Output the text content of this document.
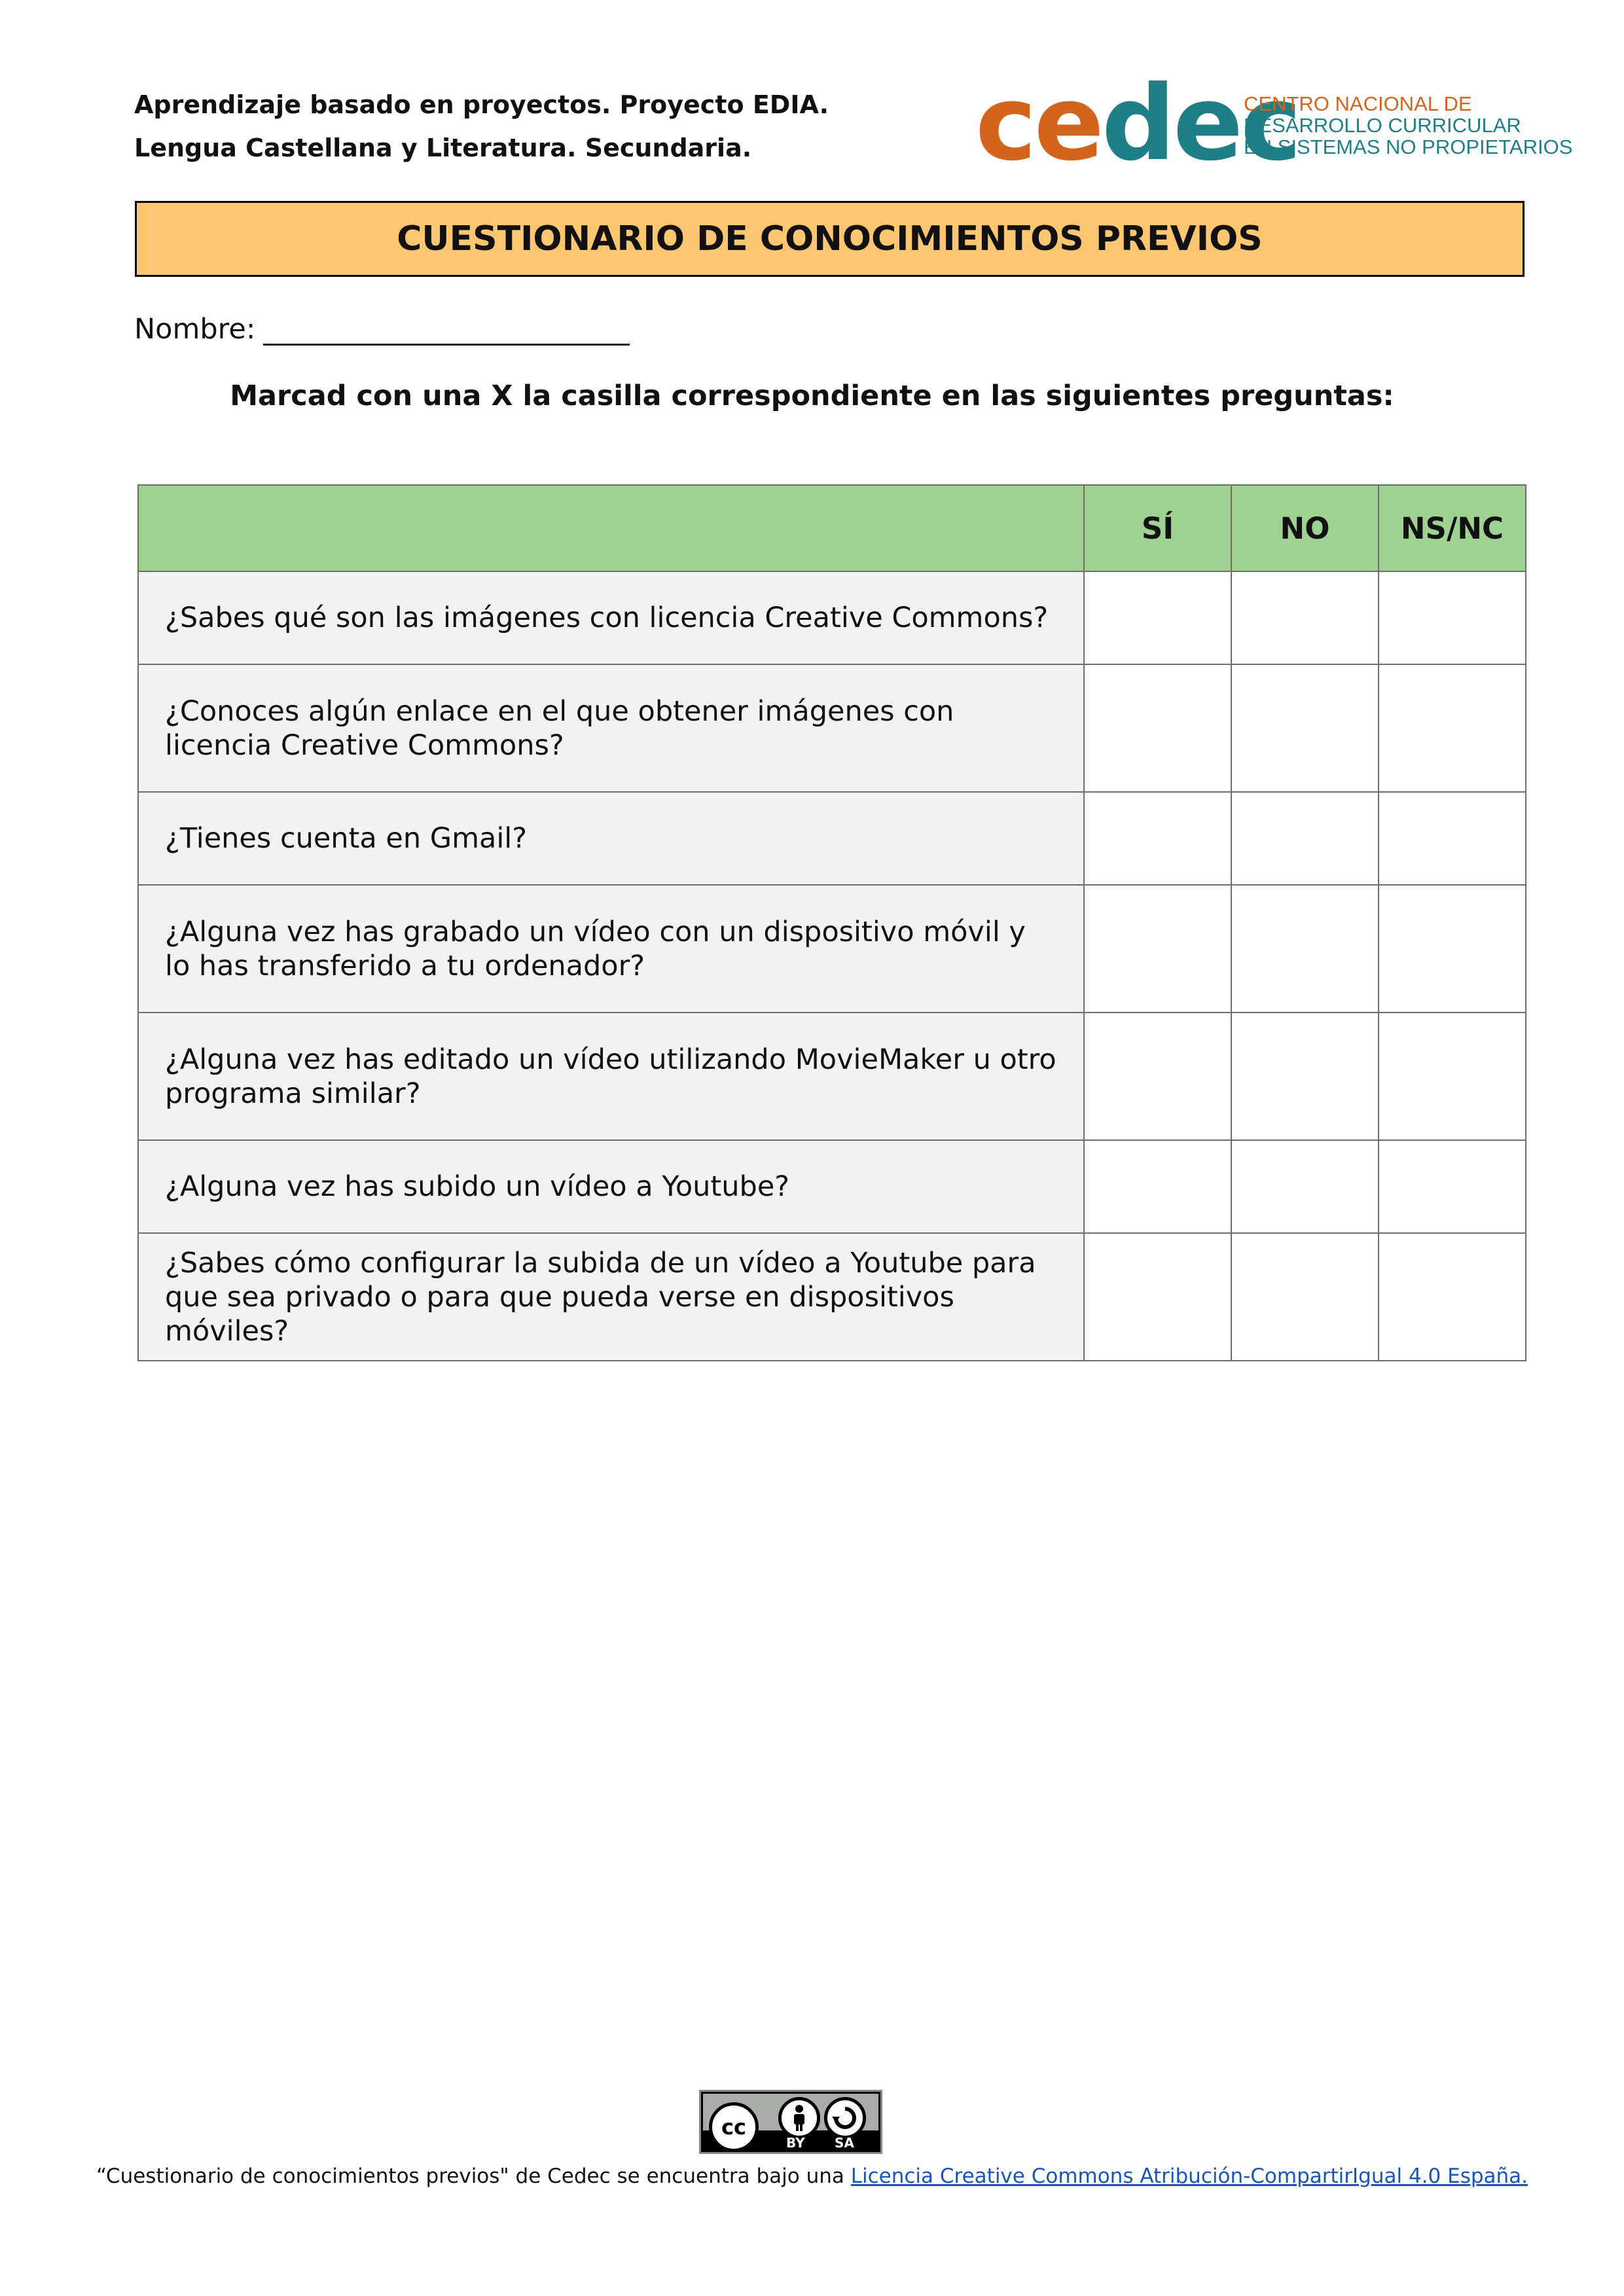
Aprendizaje basado en proyectos. Proyecto EDIA.
Lengua Castellana y Literatura. Secundaria. cedec
CENTRO NACIONAL DE
DESARROLLO CURRICULAR
EN SISTEMAS NO PROPIETARIOS
CUESTIONARIO DE CONOCIMIENTOS PREVIOS
Nombre:
Marcad con una X la casilla correspondiente en las siguientes preguntas:
	SÍ	NO	NS/NC
¿Sabes qué son las imágenes con licencia Creative Commons?			
¿Conoces algún enlace en el que obtener imágenes con licencia Creative Commons?			
¿Tienes cuenta en Gmail?			
¿Alguna vez has grabado un vídeo con un dispositivo móvil y lo has transferido a tu ordenador?			
¿Alguna vez has editado un vídeo utilizando MovieMaker u otro programa similar?			
¿Alguna vez has subido un vídeo a Youtube?			
¿Sabes cómo configurar la subida de un vídeo a Youtube para que sea privado o para que pueda verse en dispositivos móviles?			
cc
BY SA
“Cuestionario de conocimientos previos" de Cedec se encuentra bajo una Licencia Creative Commons Atribución-CompartirIgual 4.0 España.
